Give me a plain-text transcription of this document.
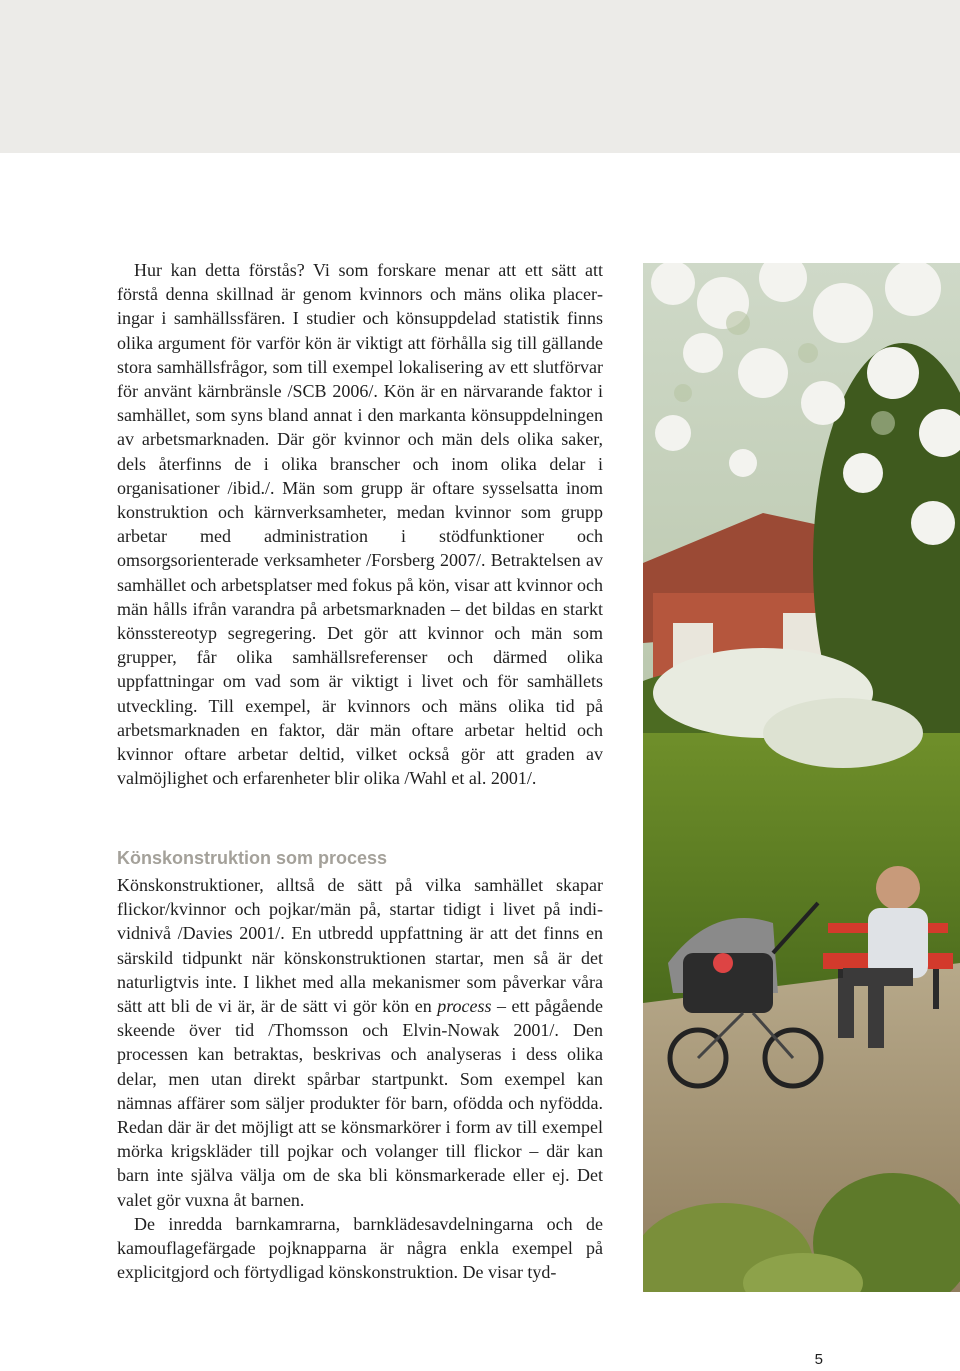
Hur kan detta förstås? Vi som forskare menar att ett sätt att förstå denna skillnad är genom kvinnors och mäns olika placeringar i samhällssfären. I studier och könsuppdelad statistik finns olika argument för varför kön är viktigt att förhålla sig till gällande stora samhällsfrågor, som till exempel lokalisering av ett slutförvar för använt kärnbränsle /SCB 2006/. Kön är en närvarande faktor i samhället, som syns bland annat i den markanta könsuppdelningen av arbetsmarknaden. Där gör kvinnor och män dels olika saker, dels återfinns de i olika branscher och inom olika delar i organisationer /ibid./. Män som grupp är oftare sysselsatta inom konstruktion och kärnverksamheter, medan kvinnor som grupp arbetar med administration i stödfunktioner och omsorgsorienterade verksamheter /Forsberg 2007/. Betraktelsen av samhället och arbetsplatser med fokus på kön, visar att kvinnor och män hålls ifrån varandra på arbetsmarknaden – det bildas en starkt könsstereotyp segregering. Det gör att kvinnor och män som grupper, får olika samhällsreferenser och därmed olika uppfattningar om vad som är viktigt i livet och för samhällets utveckling. Till exempel, är kvinnors och mäns olika tid på arbetsmarknaden en faktor, där män oftare arbetar heltid och kvinnor oftare arbetar deltid, vilket också gör att graden av valmöjlighet och erfarenheter blir olika /Wahl et al. 2001/.

Könskonstruktion som process

Könskonstruktioner, alltså de sätt på vilka samhället skapar flickor/kvinnor och pojkar/män på, startar tidigt i livet på individnivå /Davies 2001/. En utbredd uppfattning är att det finns en särskild tidpunkt när könskonstruktionen startar, men så är det naturligtvis inte. I likhet med alla mekanismer som påverkar våra sätt att bli de vi är, är de sätt vi gör kön en process – ett pågående skeende över tid /Thomsson och Elvin-Nowak 2001/. Den processen kan betraktas, beskrivas och analyseras i dess olika delar, men utan direkt spårbar startpunkt. Som exempel kan nämnas affärer som säljer produkter för barn, ofödda och nyfödda. Redan där är det möjligt att se könsmarkörer i form av till exempel mörka krigskläder till pojkar och volanger till flickor – där kan barn inte själva välja om de ska bli könsmarkerade eller ej. Det valet gör vuxna åt barnen.

De inredda barnkamrarna, barnklädesavdelningarna och de kamouflagefärgade pojknapparna är några enkla exempel på explicitgjord och förtydligad könskonstruktion. De visar tyd-

5
